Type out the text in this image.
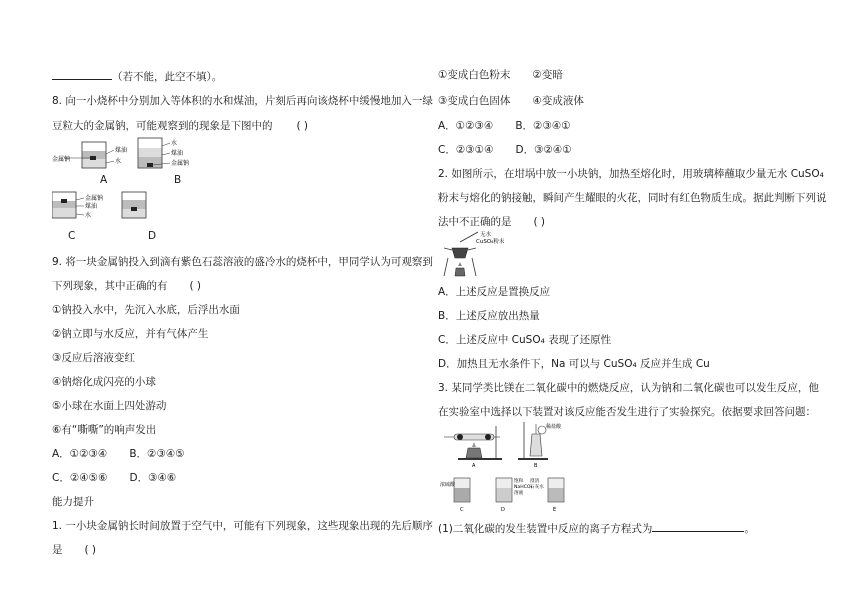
（若不能，此空不填）。
8. 向一小烧杯中分别加入等体积的水和煤油，片刻后再向该烧杯中缓慢地加入一绿
豆粒大的金属钠，可能观察到的现象是下图中的 ( )
金属钠
煤油
水
水
煤油
金属钠
A	B
金属钠
煤油
水
C	D
9. 将一块金属钠投入到滴有紫色石蕊溶液的盛冷水的烧杯中，甲同学认为可观察到
下列现象，其中正确的有 ( )
①钠投入水中，先沉入水底，后浮出水面
②钠立即与水反应，并有气体产生
③反应后溶液变红
④钠熔化成闪亮的小球
⑤小球在水面上四处游动
⑥有“嘶嘶”的响声发出
A．①②③④ B．②③④⑤
C．②④⑤⑥ D．③④⑥
能力提升
1. 一小块金属钠长时间放置于空气中，可能有下列现象，这些现象出现的先后顺序
是 ( )
①变成白色粉末 ②变暗
③变成白色固体 ④变成液体
A．①②③④ B．②③④①
C．②③①④ D．③②④①
2. 如图所示，在坩埚中放一小块钠，加热至熔化时，用玻璃棒蘸取少量无水 CuSO₄
粉末与熔化的钠接触，瞬间产生耀眼的火花，同时有红色物质生成。据此判断下列说
法中不正确的是 ( )
无水
CuSO₄粉末
A．上述反应是置换反应
B．上述反应放出热量
C．上述反应中 CuSO₄ 表现了还原性
D．加热且无水条件下，Na 可以与 CuSO₄ 反应并生成 Cu
3. 某同学类比镁在二氧化碳中的燃烧反应，认为钠和二氧化碳也可以发生反应，他
在实验室中选择以下装置对该反应能否发生进行了实验探究。依据要求回答问题：
A
稀盐酸
B
浓硫酸
C
饱和
NaHCO₃
溶液
D
澄清
石灰水
E
(1)二氧化碳的发生装置中反应的离子方程式为	。
